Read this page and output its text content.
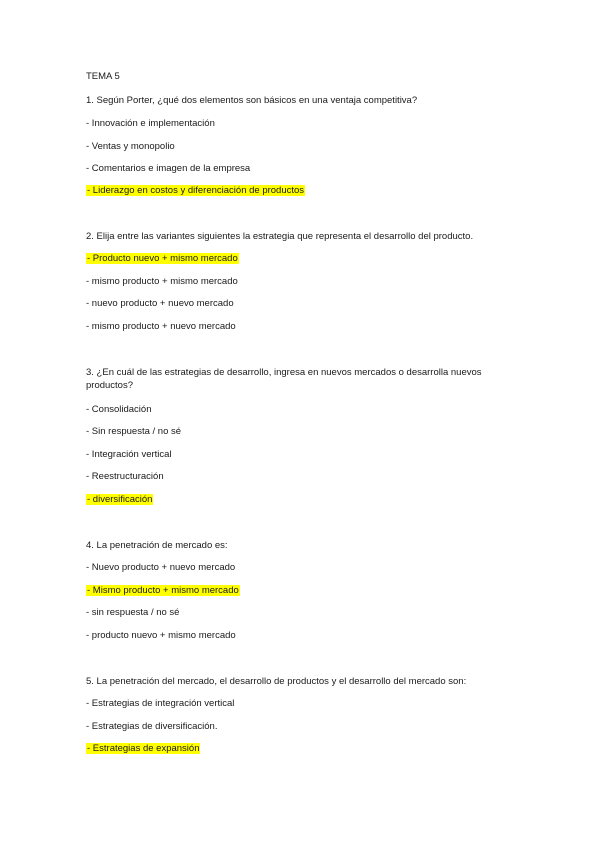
TEMA 5
1. Según Porter, ¿qué dos elementos son básicos en una ventaja competitiva?
- Innovación e implementación
- Ventas y monopolio
- Comentarios e imagen de la empresa
- Liderazgo en costos y diferenciación de productos
2. Elija entre las variantes siguientes la estrategia que representa el desarrollo del producto.
- Producto nuevo + mismo mercado
- mismo producto + mismo mercado
- nuevo producto + nuevo mercado
- mismo producto + nuevo mercado
3. ¿En cuál de las estrategias de desarrollo, ingresa en nuevos mercados o desarrolla nuevos productos?
- Consolidación
- Sin respuesta / no sé
- Integración vertical
- Reestructuración
- diversificación
4. La penetración de mercado es:
- Nuevo producto + nuevo mercado
- Mismo producto + mismo mercado
- sin respuesta / no sé
- producto nuevo + mismo mercado
5. La penetración del mercado, el desarrollo de productos y el desarrollo del mercado son:
- Estrategias de integración vertical
- Estrategias de diversificación.
- Estrategias de expansión
